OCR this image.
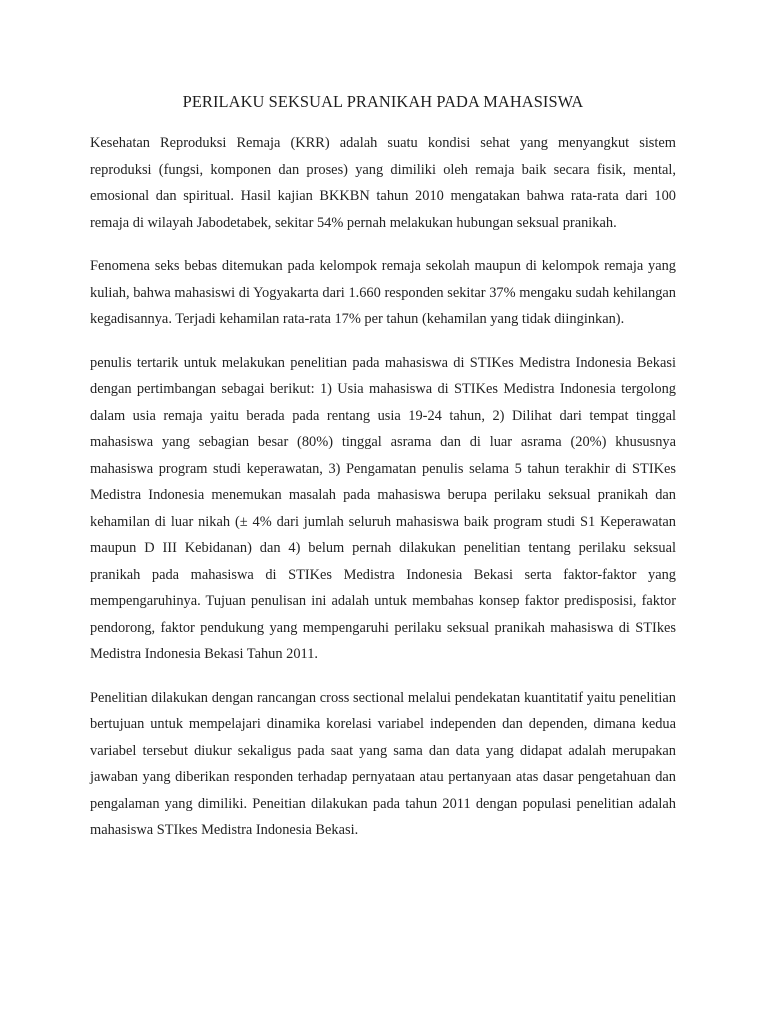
PERILAKU SEKSUAL PRANIKAH PADA MAHASISWA

Kesehatan Reproduksi Remaja (KRR) adalah suatu kondisi sehat yang menyangkut sistem reproduksi (fungsi, komponen dan proses) yang dimiliki oleh remaja baik secara fisik, mental, emosional dan spiritual. Hasil kajian BKKBN tahun 2010 mengatakan bahwa rata-rata dari 100 remaja di wilayah Jabodetabek, sekitar 54% pernah melakukan hubungan seksual pranikah.

Fenomena seks bebas ditemukan pada kelompok remaja sekolah maupun di kelompok remaja yang kuliah, bahwa mahasiswi di Yogyakarta dari 1.660 responden sekitar 37% mengaku sudah kehilangan kegadisannya. Terjadi kehamilan rata-rata 17% per tahun (kehamilan yang tidak diinginkan).

penulis tertarik untuk melakukan penelitian pada mahasiswa di STIKes Medistra Indonesia Bekasi dengan pertimbangan sebagai berikut: 1) Usia mahasiswa di STIKes Medistra Indonesia tergolong dalam usia remaja yaitu berada pada rentang usia 19-24 tahun, 2) Dilihat dari tempat tinggal mahasiswa yang sebagian besar (80%) tinggal asrama dan di luar asrama (20%) khususnya mahasiswa program studi keperawatan, 3) Pengamatan penulis selama 5 tahun terakhir di STIKes Medistra Indonesia menemukan masalah pada mahasiswa berupa perilaku seksual pranikah dan kehamilan di luar nikah (± 4% dari jumlah seluruh mahasiswa baik program studi S1 Keperawatan maupun D III Kebidanan) dan 4) belum pernah dilakukan penelitian tentang perilaku seksual pranikah pada mahasiswa di STIKes Medistra Indonesia Bekasi serta faktor-faktor yang mempengaruhinya. Tujuan penulisan ini adalah untuk membahas konsep faktor predisposisi, faktor pendorong, faktor pendukung yang mempengaruhi perilaku seksual pranikah mahasiswa di STIkes Medistra Indonesia Bekasi Tahun 2011.

Penelitian dilakukan dengan rancangan cross sectional melalui pendekatan kuantitatif yaitu penelitian bertujuan untuk mempelajari dinamika korelasi variabel independen dan dependen, dimana kedua variabel tersebut diukur sekaligus pada saat yang sama dan data yang didapat adalah merupakan jawaban yang diberikan responden terhadap pernyataan atau pertanyaan atas dasar pengetahuan dan pengalaman yang dimiliki. Peneitian dilakukan pada tahun 2011 dengan populasi penelitian adalah mahasiswa STIkes Medistra Indonesia Bekasi.
